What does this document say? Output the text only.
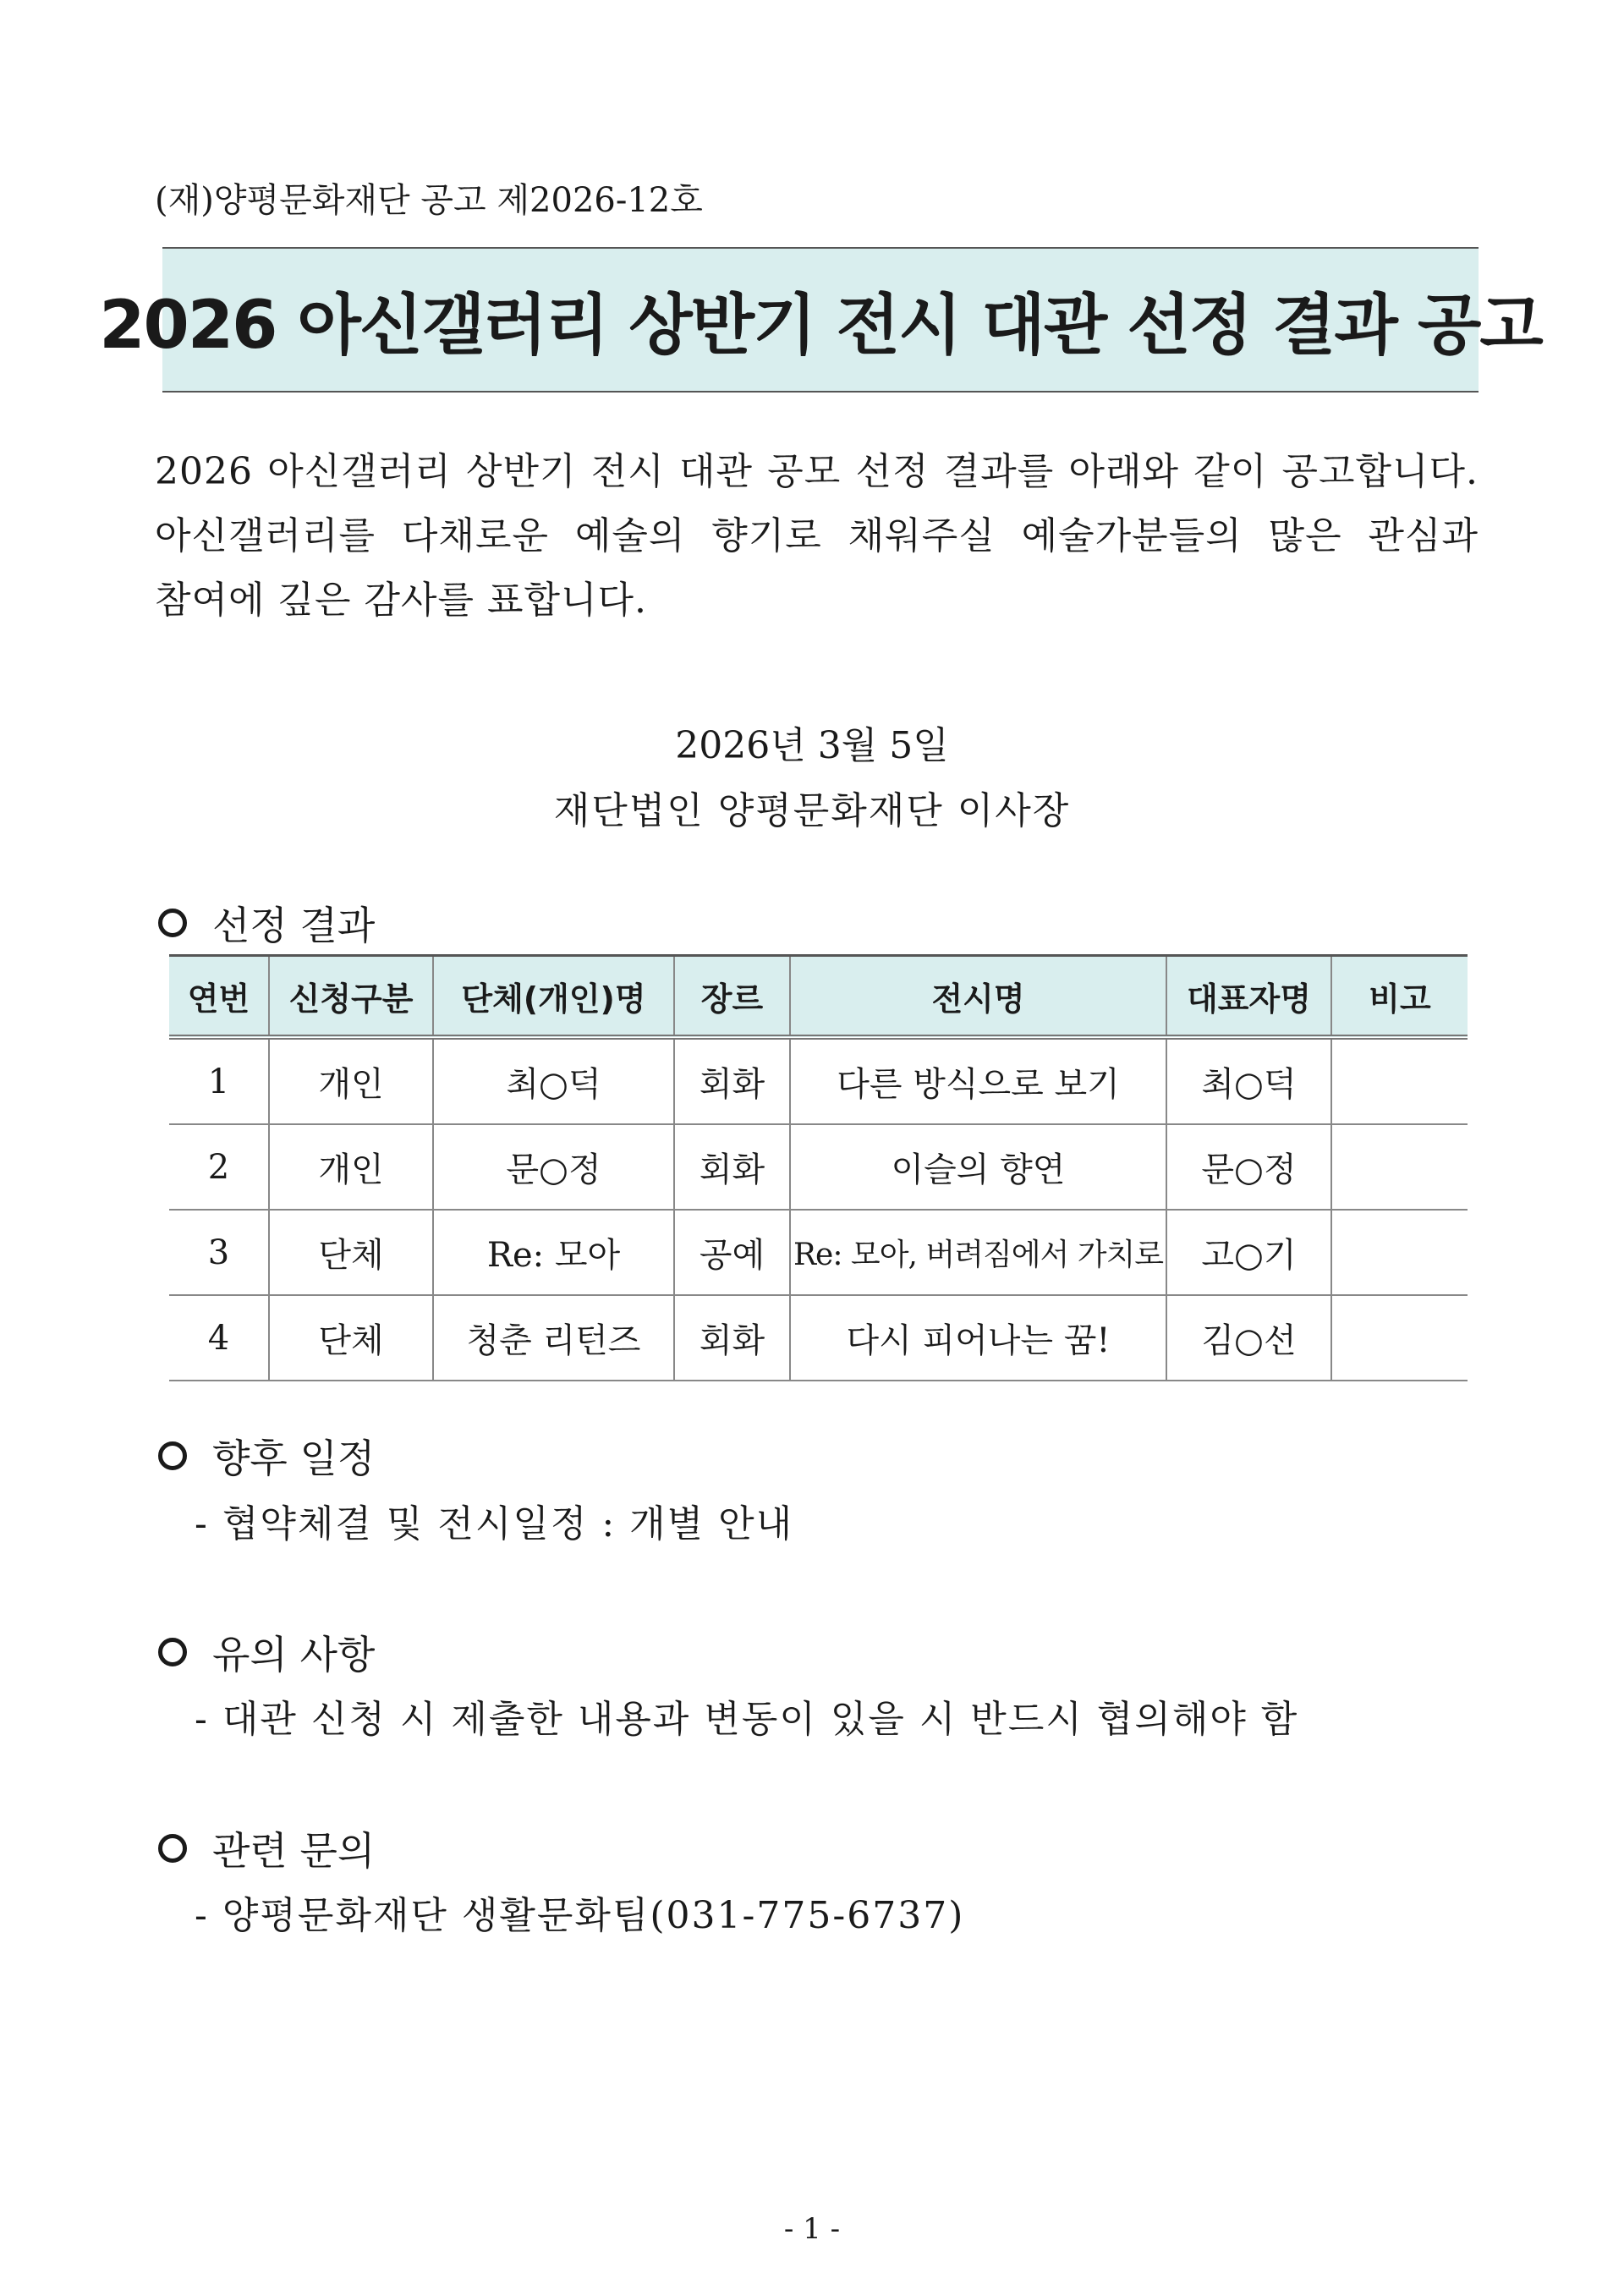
(재)양평문화재단 공고 제2026-12호
2026 아신갤러리 상반기 전시 대관 선정 결과 공고

2026 아신갤러리 상반기 전시 대관 공모 선정 결과를 아래와 같이 공고합니다.

아신갤러리를 다채로운 예술의 향기로 채워주실 예술가분들의 많은 관심과

참여에 깊은 감사를 표합니다.

2026년 3월 5일
재단법인 양평문화재단 이사장
선정 결과
연번	신청구분	단체(개인)명	장르	전시명	대표자명	비고
1	개인	최○덕	회화	다른 방식으로 보기	최○덕	
2	개인	문○정	회화	이슬의 향연	문○정	
3	단체	Re: 모아	공예	Re: 모아, 버려짐에서 가치로	고○기	
4	단체	청춘 리턴즈	회화	다시 피어나는 꿈!	김○선	
향후 일정
- 협약체결 및 전시일정 : 개별 안내
유의 사항
- 대관 신청 시 제출한 내용과 변동이 있을 시 반드시 협의해야 함
관련 문의
- 양평문화재단 생활문화팀(031-775-6737)
- 1 -
